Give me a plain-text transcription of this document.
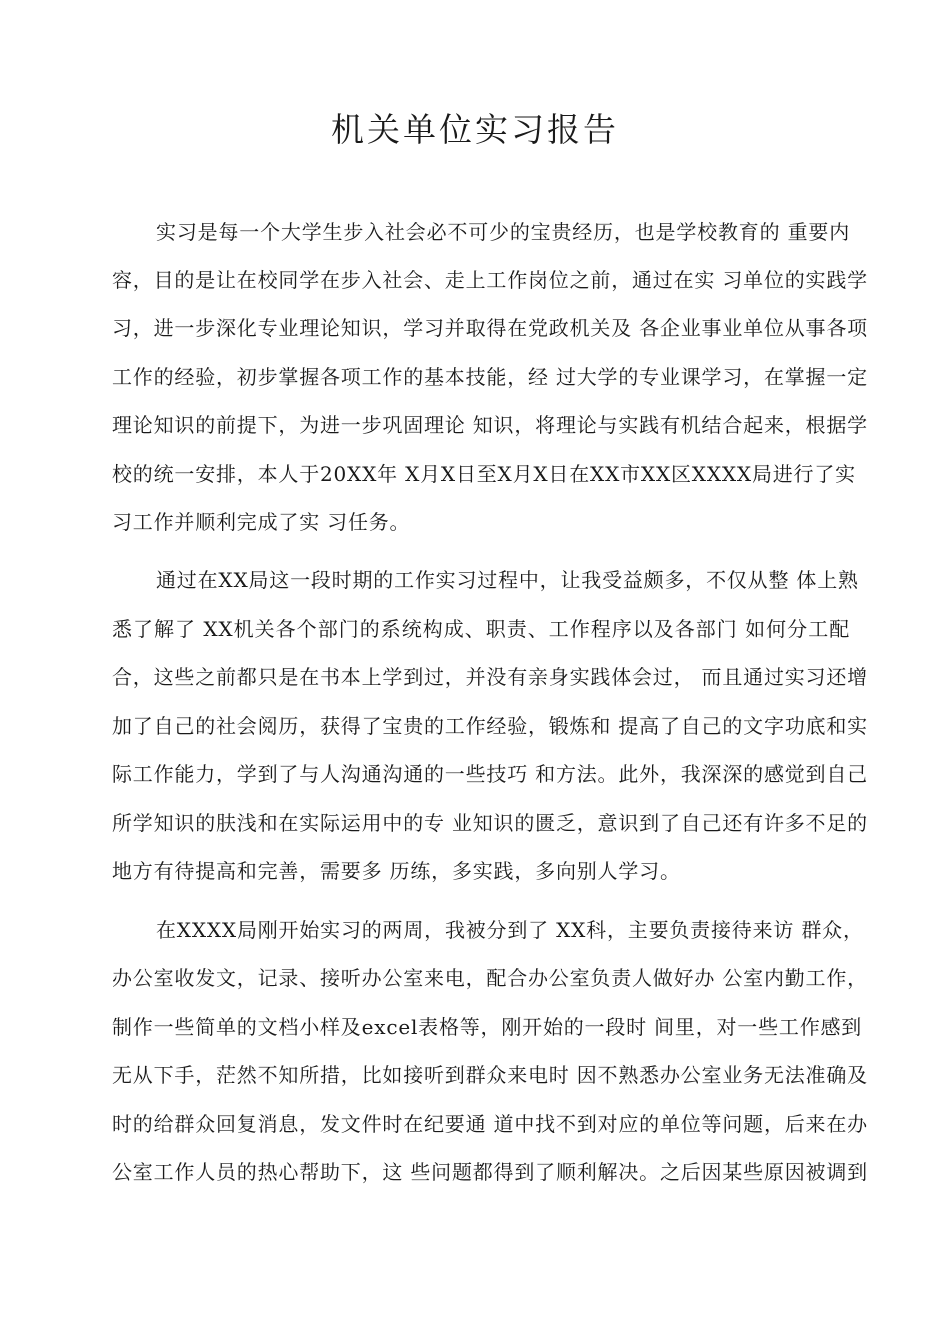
机关单位实习报告

实习是每一个大学生步入社会必不可少的宝贵经历，也是学校教育的 重要内

容，目的是让在校同学在步入社会、走上工作岗位之前，通过在实 习单位的实践学

习，进一步深化专业理论知识，学习并取得在党政机关及 各企业事业单位从事各项

工作的经验，初步掌握各项工作的基本技能，经 过大学的专业课学习，在掌握一定

理论知识的前提下，为进一步巩固理论 知识，将理论与实践有机结合起来，根据学

校的统一安排，本人于20XX年 X月X日至X月X日在XX市XX区XXXX局进行了实

习工作并顺利完成了实 习任务。

通过在XX局这一段时期的工作实习过程中，让我受益颇多，不仅从整 体上熟

悉了解了 XX机关各个部门的系统构成、职责、工作程序以及各部门 如何分工配

合，这些之前都只是在书本上学到过，并没有亲身实践体会过， 而且通过实习还增

加了自己的社会阅历，获得了宝贵的工作经验，锻炼和 提高了自己的文字功底和实

际工作能力，学到了与人沟通沟通的一些技巧 和方法。此外，我深深的感觉到自己

所学知识的肤浅和在实际运用中的专 业知识的匮乏，意识到了自己还有许多不足的

地方有待提高和完善，需要多 历练，多实践，多向别人学习。

在XXXX局刚开始实习的两周，我被分到了 XX科，主要负责接待来访 群众，

办公室收发文，记录、接听办公室来电，配合办公室负责人做好办 公室内勤工作，

制作一些简单的文档小样及excel表格等，刚开始的一段时 间里，对一些工作感到

无从下手，茫然不知所措，比如接听到群众来电时 因不熟悉办公室业务无法准确及

时的给群众回复消息，发文件时在纪要通 道中找不到对应的单位等问题，后来在办

公室工作人员的热心帮助下，这 些问题都得到了顺利解决。之后因某些原因被调到
